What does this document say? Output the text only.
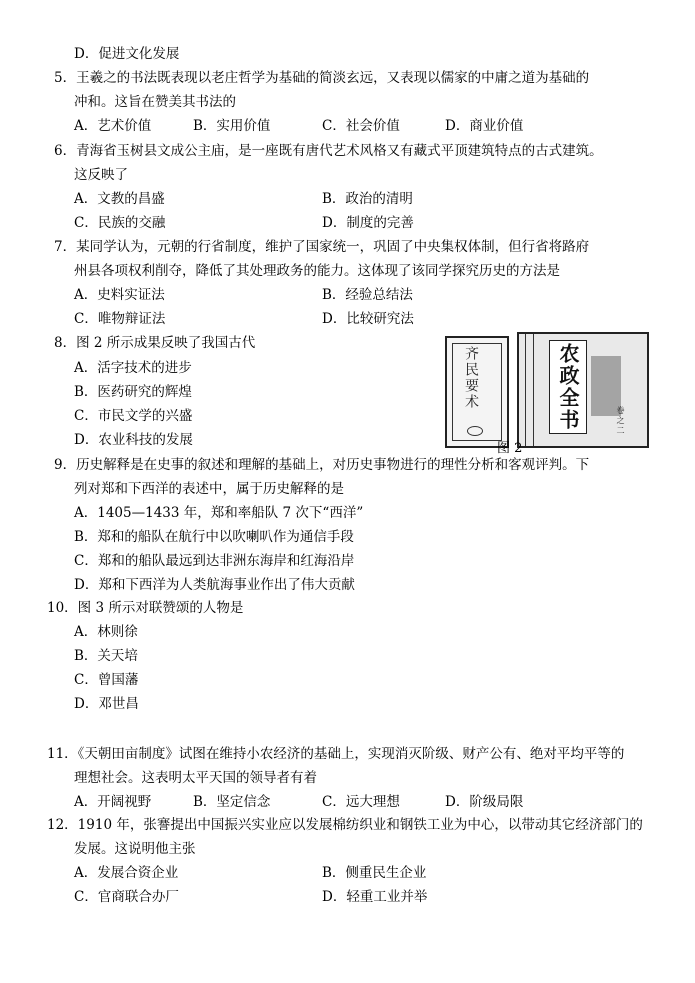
D．促进文化发展
5．王羲之的书法既表现以老庄哲学为基础的简淡玄远，又表现以儒家的中庸之道为基础的
冲和。这旨在赞美其书法的
6．青海省玉树县文成公主庙，是一座既有唐代艺术风格又有藏式平顶建筑特点的古式建筑。
这反映了
7．某同学认为，元朝的行省制度，维护了国家统一，巩固了中央集权体制，但行省将路府
州县各项权利削夺，降低了其处理政务的能力。这体现了该同学探究历史的方法是
8．图 2 所示成果反映了我国古代
9．历史解释是在史事的叙述和理解的基础上，对历史事物进行的理性分析和客观评判。下
列对郑和下西洋的表述中，属于历史解释的是
10．图 3 所示对联赞颂的人物是
11．《天朝田亩制度》试图在维持小农经济的基础上，实现消灭阶级、财产公有、绝对平均平等的
理想社会。这表明太平天国的领导者有着
12．1910 年，张謇提出中国振兴实业应以发展棉纺织业和钢铁工业为中心，以带动其它经济部门的
发展。这说明他主张
A．艺术价值	B．实用价值	C．社会价值	D．商业价值
A．文教的昌盛	B．政治的清明
C．民族的交融	D．制度的完善
A．史料实证法	B．经验总结法
C．唯物辩证法	D．比较研究法
A．活字技术的进步
B．医药研究的辉煌
C．市民文学的兴盛
D．农业科技的发展
A．1405—1433 年，郑和率船队 7 次下“西洋”
B．郑和的船队在航行中以吹喇叭作为通信手段
C．郑和的船队最远到达非洲东海岸和红海沿岸
D．郑和下西洋为人类航海事业作出了伟大贡献
A．林则徐
B．关天培
C．曾国藩
D．邓世昌
A．开阔视野	B．坚定信念	C．远大理想	D．阶级局限
A．发展合资企业	B．侧重民生企业
C．官商联合办厂	D．轻重工业并举
齐民要术	农政全书	卷之二
图 2
